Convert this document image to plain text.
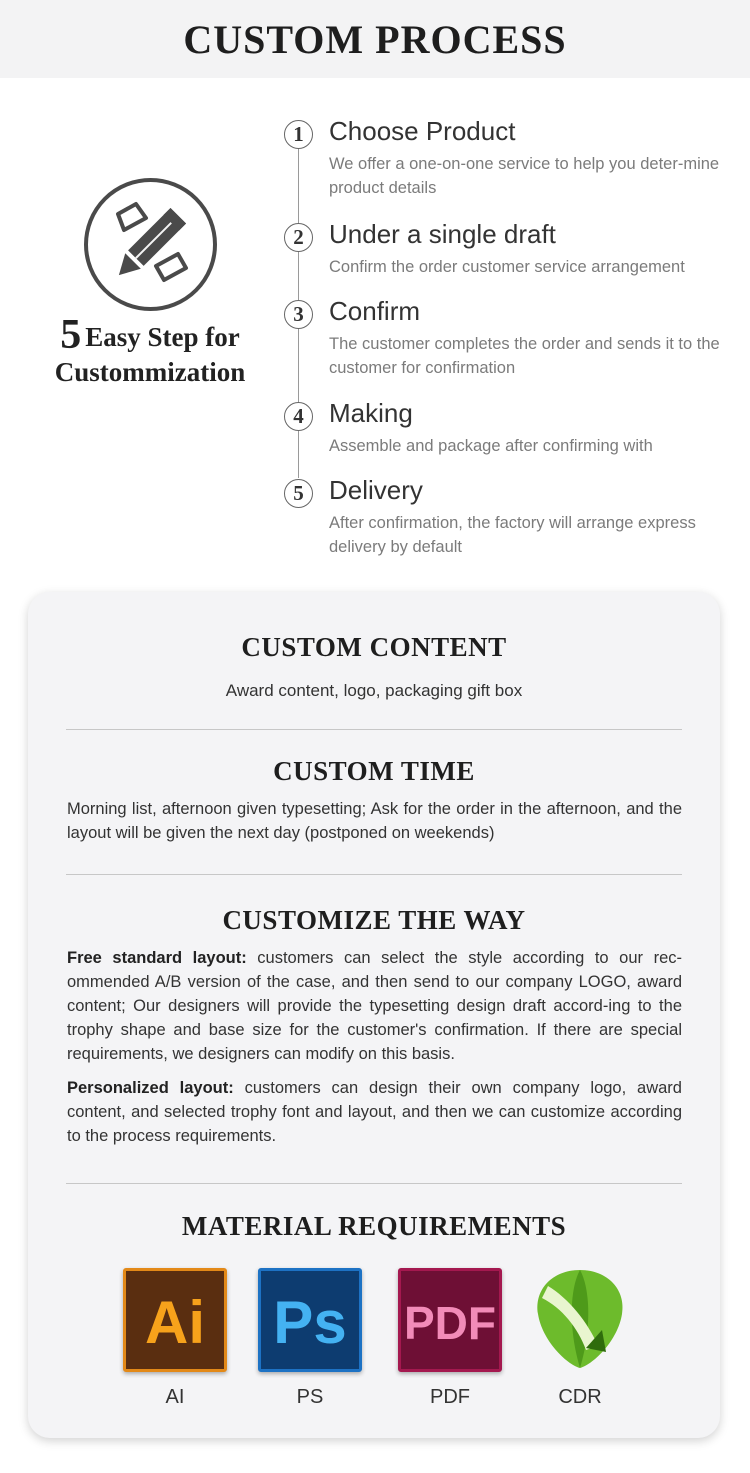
CUSTOM PROCESS
5 Easy Step for
Custommization
1 Choose Product
We offer a one-on-one service to help you deter-mine product details
2 Under a single draft
Confirm the order customer service arrangement
3 Confirm
The customer completes the order and sends it to the customer for confirmation
4 Making
Assemble and package after confirming with
5 Delivery
After confirmation, the factory will arrange express delivery by default
CUSTOM CONTENT
Award content, logo, packaging gift box
CUSTOM TIME
Morning list, afternoon given typesetting; Ask for the order in the afternoon, and the layout will be given the next day (postponed on weekends)
CUSTOMIZE THE WAY
Free standard layout: customers can select the style according to our rec-ommended A/B version of the case, and then send to our company LOGO, award content; Our designers will provide the typesetting design draft accord-ing to the trophy shape and base size for the customer's confirmation. If there are special requirements, we designers can modify on this basis.
Personalized layout: customers can design their own company logo, award content, and selected trophy font and layout, and then we can customize according to the process requirements.
MATERIAL REQUIREMENTS
Ai
AI
Ps
PS
PDF
PDF	CDR
